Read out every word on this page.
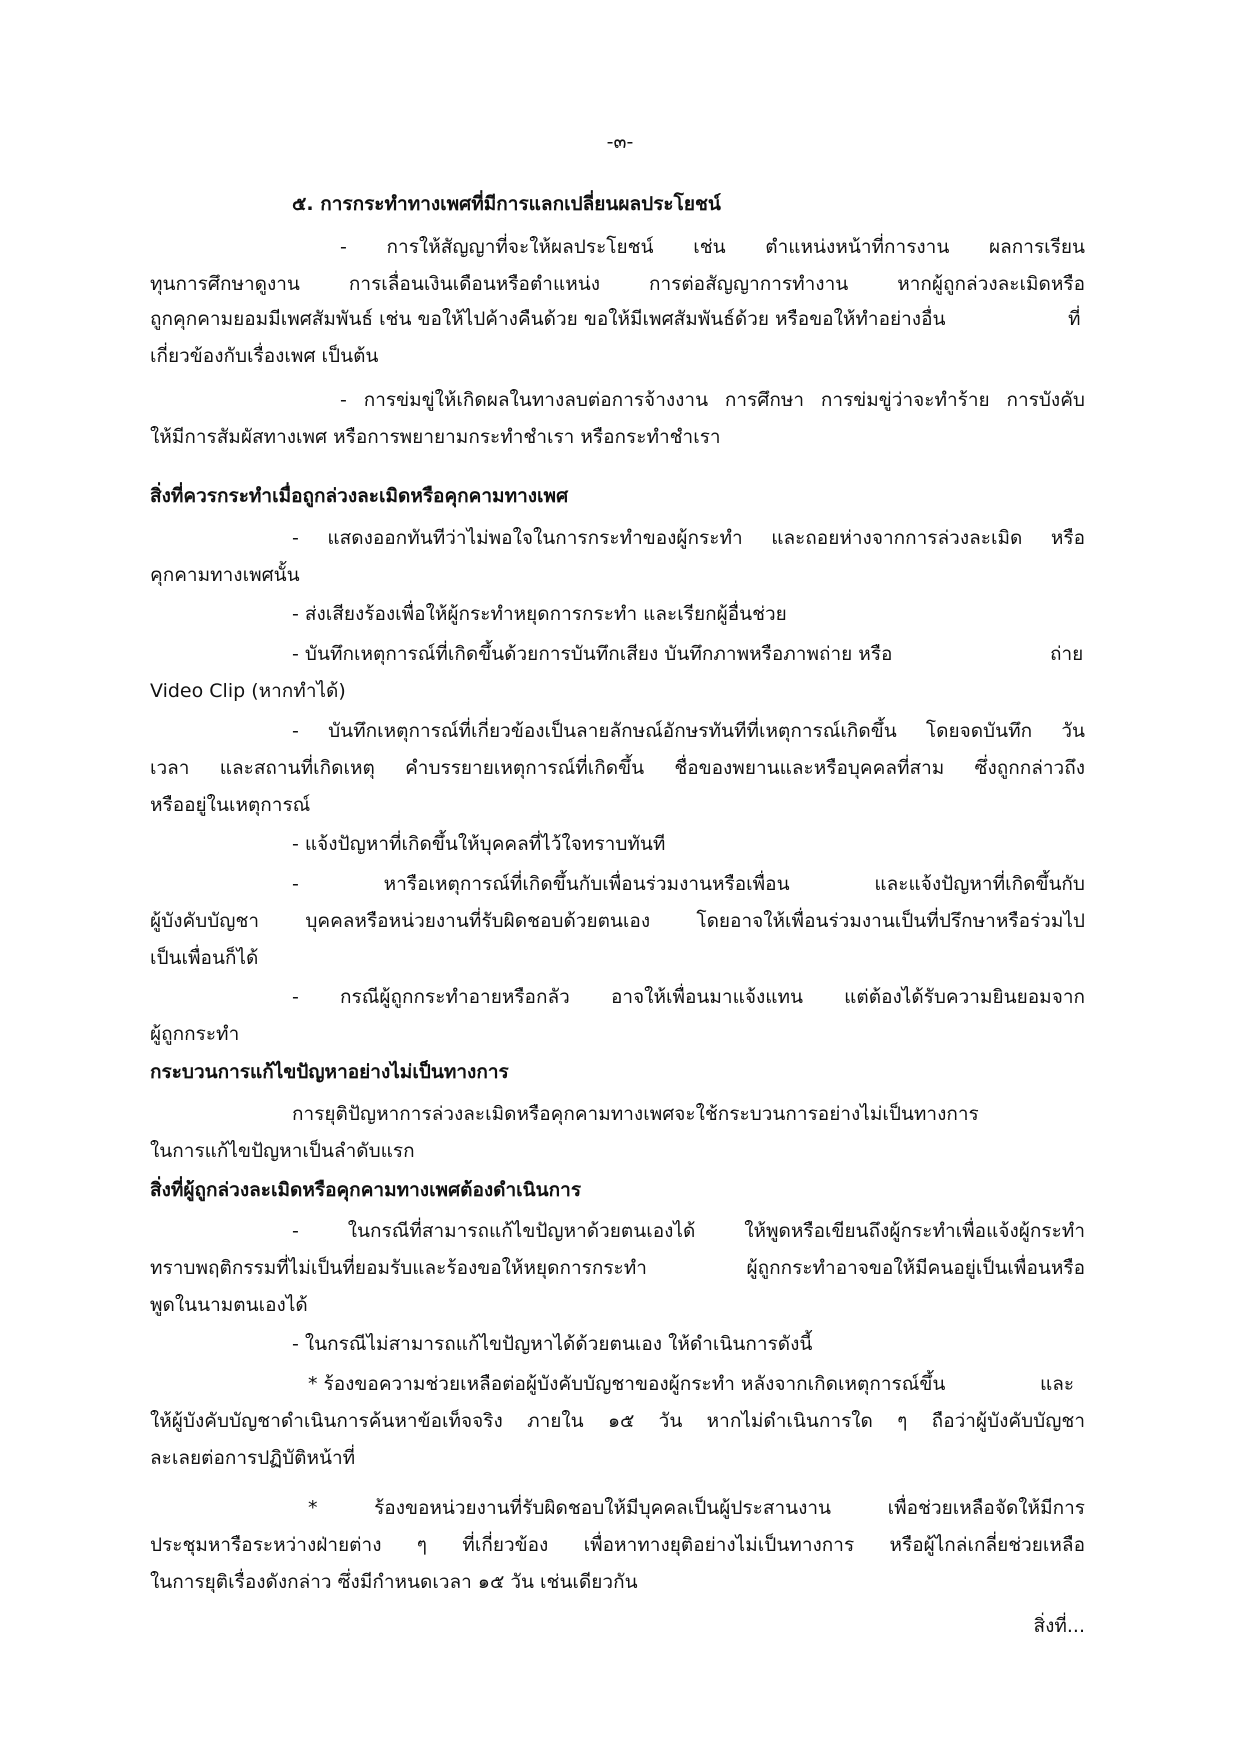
-๓-
๕. การกระทำทางเพศที่มีการแลกเปลี่ยนผลประโยชน์
- การให้สัญญาที่จะให้ผลประโยชน์ เช่น ตำแหน่งหน้าที่การงาน ผลการเรียน
ทุนการศึกษาดูงาน การเลื่อนเงินเดือนหรือตำแหน่ง การต่อสัญญาการทำงาน หากผู้ถูกล่วงละเมิดหรือ
ถูกคุกคามยอมมีเพศสัมพันธ์ เช่น ขอให้ไปค้างคืนด้วย ขอให้มีเพศสัมพันธ์ด้วย หรือขอให้ทำอย่างอื่น	ที่
เกี่ยวข้องกับเรื่องเพศ เป็นต้น
- การข่มขู่ให้เกิดผลในทางลบต่อการจ้างงาน การศึกษา การข่มขู่ว่าจะทำร้าย การบังคับ
ให้มีการสัมผัสทางเพศ หรือการพยายามกระทำชำเรา หรือกระทำชำเรา
สิ่งที่ควรกระทำเมื่อถูกล่วงละเมิดหรือคุกคามทางเพศ
- แสดงออกทันทีว่าไม่พอใจในการกระทำของผู้กระทำ และถอยห่างจากการล่วงละเมิด หรือ
คุกคามทางเพศนั้น
- ส่งเสียงร้องเพื่อให้ผู้กระทำหยุดการกระทำ และเรียกผู้อื่นช่วย
- บันทึกเหตุการณ์ที่เกิดขึ้นด้วยการบันทึกเสียง บันทึกภาพหรือภาพถ่าย หรือ	ถ่าย
Video Clip (หากทำได้)
- บันทึกเหตุการณ์ที่เกี่ยวข้องเป็นลายลักษณ์อักษรทันทีที่เหตุการณ์เกิดขึ้น โดยจดบันทึก วัน
เวลา และสถานที่เกิดเหตุ คำบรรยายเหตุการณ์ที่เกิดขึ้น ชื่อของพยานและหรือบุคคลที่สาม ซึ่งถูกกล่าวถึง
หรืออยู่ในเหตุการณ์
- แจ้งปัญหาที่เกิดขึ้นให้บุคคลที่ไว้ใจทราบทันที
- หารือเหตุการณ์ที่เกิดขึ้นกับเพื่อนร่วมงานหรือเพื่อน และแจ้งปัญหาที่เกิดขึ้นกับ
ผู้บังคับบัญชา บุคคลหรือหน่วยงานที่รับผิดชอบด้วยตนเอง โดยอาจให้เพื่อนร่วมงานเป็นที่ปรึกษาหรือร่วมไป
เป็นเพื่อนก็ได้
- กรณีผู้ถูกกระทำอายหรือกลัว อาจให้เพื่อนมาแจ้งแทน แต่ต้องได้รับความยินยอมจาก
ผู้ถูกกระทำ
กระบวนการแก้ไขปัญหาอย่างไม่เป็นทางการ
การยุติปัญหาการล่วงละเมิดหรือคุกคามทางเพศจะใช้กระบวนการอย่างไม่เป็นทางการ
ในการแก้ไขปัญหาเป็นลำดับแรก
สิ่งที่ผู้ถูกล่วงละเมิดหรือคุกคามทางเพศต้องดำเนินการ
- ในกรณีที่สามารถแก้ไขปัญหาด้วยตนเองได้ ให้พูดหรือเขียนถึงผู้กระทำเพื่อแจ้งผู้กระทำ
ทราบพฤติกรรมที่ไม่เป็นที่ยอมรับและร้องขอให้หยุดการกระทำ ผู้ถูกกระทำอาจขอให้มีคนอยู่เป็นเพื่อนหรือ
พูดในนามตนเองได้
- ในกรณีไม่สามารถแก้ไขปัญหาได้ด้วยตนเอง ให้ดำเนินการดังนี้
* ร้องขอความช่วยเหลือต่อผู้บังคับบัญชาของผู้กระทำ หลังจากเกิดเหตุการณ์ขึ้น	และ
ให้ผู้บังคับบัญชาดำเนินการค้นหาข้อเท็จจริง ภายใน ๑๕ วัน หากไม่ดำเนินการใด ๆ ถือว่าผู้บังคับบัญชา
ละเลยต่อการปฏิบัติหน้าที่
* ร้องขอหน่วยงานที่รับผิดชอบให้มีบุคคลเป็นผู้ประสานงาน เพื่อช่วยเหลือจัดให้มีการ
ประชุมหารือระหว่างฝ่ายต่าง ๆ ที่เกี่ยวข้อง เพื่อหาทางยุติอย่างไม่เป็นทางการ หรือผู้ไกล่เกลี่ยช่วยเหลือ
ในการยุติเรื่องดังกล่าว ซึ่งมีกำหนดเวลา ๑๕ วัน เช่นเดียวกัน
สิ่งที่...
